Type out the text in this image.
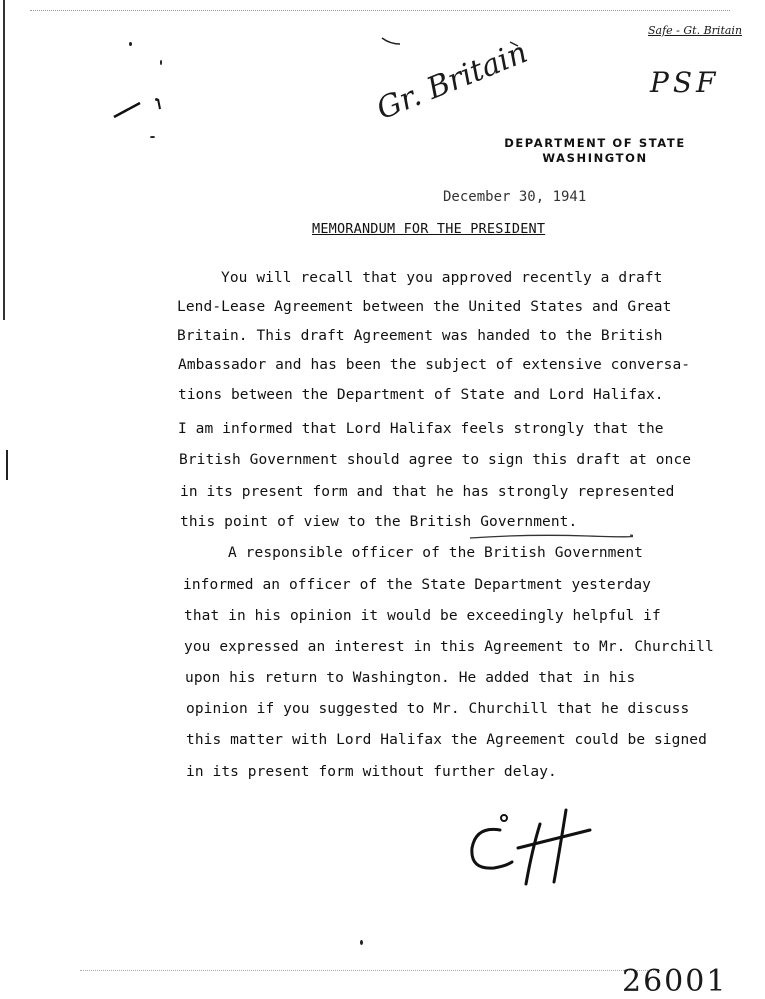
Safe - Gt. Britain
PSF
Gr. Britain
DEPARTMENT OF STATE
WASHINGTON
December 30, 1941
MEMORANDUM FOR THE PRESIDENT
You will recall that you approved recently a draft
Lend-Lease Agreement between the United States and Great
Britain. This draft Agreement was handed to the British
Ambassador and has been the subject of extensive conversa-
tions between the Department of State and Lord Halifax.
I am informed that Lord Halifax feels strongly that the
British Government should agree to sign this draft at once
in its present form and that he has strongly represented
this point of view to the British Government.
A responsible officer of the British Government
informed an officer of the State Department yesterday
that in his opinion it would be exceedingly helpful if
you expressed an interest in this Agreement to Mr. Churchill
upon his return to Washington. He added that in his
opinion if you suggested to Mr. Churchill that he discuss
this matter with Lord Halifax the Agreement could be signed
in its present form without further delay.
26001
